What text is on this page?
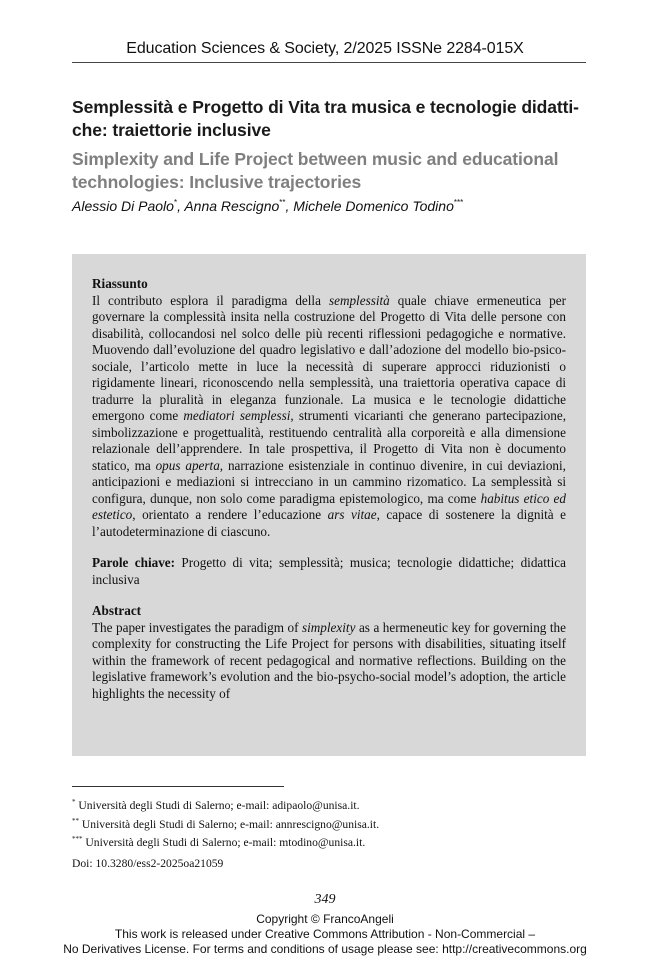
Education Sciences & Society, 2/2025 ISSNe 2284-015X
Semplessità e Progetto di Vita tra musica e tecnologie didatti-che: traiettorie inclusive
Simplexity and Life Project between music and educational technologies: Inclusive trajectories
Alessio Di Paolo*, Anna Rescigno**, Michele Domenico Todino***
Riassunto

Il contributo esplora il paradigma della semplessità quale chiave ermeneutica per governare la complessità insita nella costruzione del Progetto di Vita delle persone con disabilità, collocandosi nel solco delle più recenti riflessioni pedagogiche e normative. Muovendo dall’evoluzione del quadro legislativo e dall’adozione del modello bio-psico-sociale, l’articolo mette in luce la necessità di superare approcci riduzionisti o rigidamente lineari, riconoscendo nella semplessità, una traiettoria operativa capace di tradurre la pluralità in eleganza funzionale. La musica e le tecnologie didattiche emergono come mediatori semplessi, strumenti vicarianti che generano partecipazione, simbolizzazione e progettualità, restituendo centralità alla corporeità e alla dimensione relazionale dell’apprendere. In tale prospettiva, il Progetto di Vita non è documento statico, ma opus aperta, narrazione esistenziale in continuo divenire, in cui deviazioni, anticipazioni e mediazioni si intrecciano in un cammino rizomatico. La semplessità si configura, dunque, non solo come paradigma epistemologico, ma come habitus etico ed estetico, orientato a rendere l’educazione ars vitae, capace di sostenere la dignità e l’autodeterminazione di ciascuno.

Parole chiave: Progetto di vita; semplessità; musica; tecnologie didattiche; didattica inclusiva

Abstract

The paper investigates the paradigm of simplexity as a hermeneutic key for governing the complexity for constructing the Life Project for persons with disabilities, situating itself within the framework of recent pedagogical and normative reflections. Building on the legislative framework’s evolution and the bio-psycho-social model’s adoption, the article highlights the necessity of

* Università degli Studi di Salerno; e-mail: adipaolo@unisa.it.
** Università degli Studi di Salerno; e-mail: annrescigno@unisa.it.
*** Università degli Studi di Salerno; e-mail: mtodino@unisa.it.
Doi: 10.3280/ess2-2025oa21059
349
Copyright © FrancoAngeli
This work is released under Creative Commons Attribution - Non-Commercial –
No Derivatives License. For terms and conditions of usage please see: http://creativecommons.org
